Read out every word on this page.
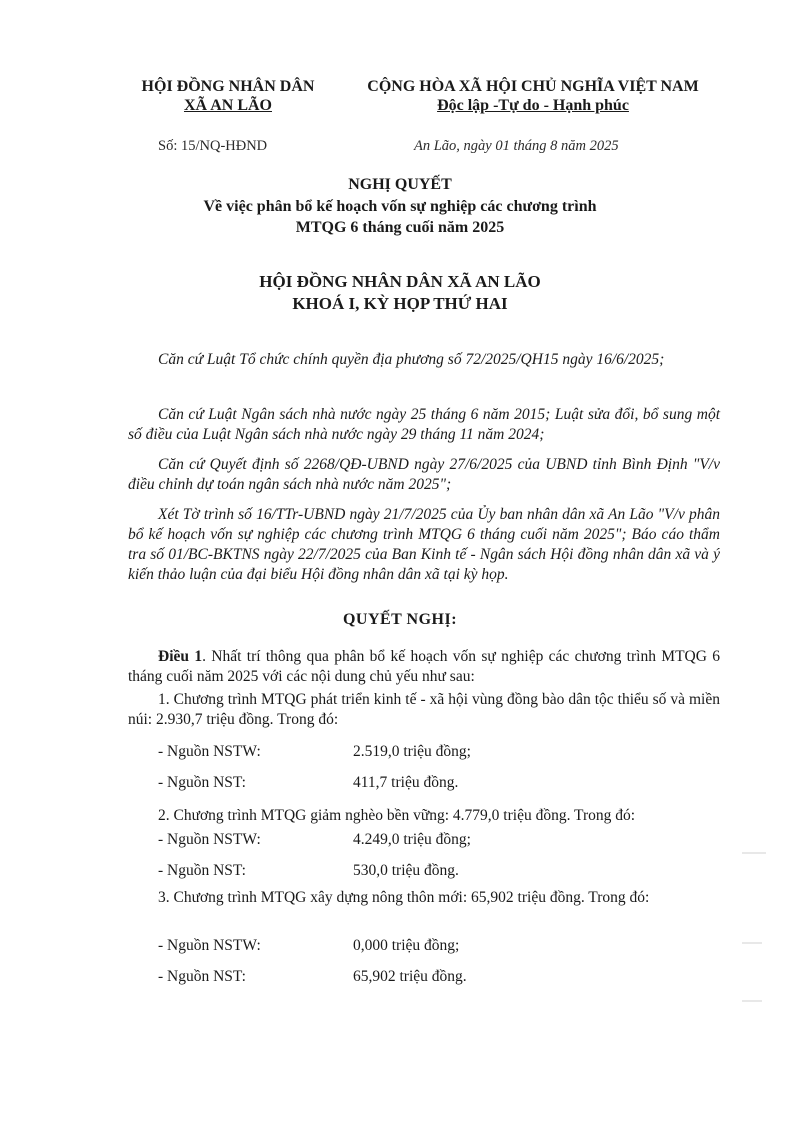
HỘI ĐỒNG NHÂN DÂN
XÃ AN LÃO
CỘNG HÒA XÃ HỘI CHỦ NGHĨA VIỆT NAM
Độc lập -Tự do - Hạnh phúc
Số: 15/NQ-HĐND	An Lão, ngày 01 tháng 8 năm 2025
NGHỊ QUYẾT
Về việc phân bổ kế hoạch vốn sự nghiệp các chương trình
MTQG 6 tháng cuối năm 2025
HỘI ĐỒNG NHÂN DÂN XÃ AN LÃO
KHOÁ I, KỲ HỌP THỨ HAI
Căn cứ Luật Tổ chức chính quyền địa phương số 72/2025/QH15 ngày 16/6/2025;
Căn cứ Luật Ngân sách nhà nước ngày 25 tháng 6 năm 2015; Luật sửa đổi, bổ sung một số điều của Luật Ngân sách nhà nước ngày 29 tháng 11 năm 2024;
Căn cứ Quyết định số 2268/QĐ-UBND ngày 27/6/2025 của UBND tỉnh Bình Định "V/v điều chỉnh dự toán ngân sách nhà nước năm 2025";
Xét Tờ trình số 16/TTr-UBND ngày 21/7/2025 của Ủy ban nhân dân xã An Lão "V/v phân bổ kế hoạch vốn sự nghiệp các chương trình MTQG 6 tháng cuối năm 2025"; Báo cáo thẩm tra số 01/BC-BKTNS ngày 22/7/2025 của Ban Kinh tế - Ngân sách Hội đồng nhân dân xã và ý kiến thảo luận của đại biểu Hội đồng nhân dân xã tại kỳ họp.
QUYẾT NGHỊ:
Điều 1. Nhất trí thông qua phân bổ kế hoạch vốn sự nghiệp các chương trình MTQG 6 tháng cuối năm 2025 với các nội dung chủ yếu như sau:
1. Chương trình MTQG phát triển kinh tế - xã hội vùng đồng bào dân tộc thiểu số và miền núi: 2.930,7 triệu đồng. Trong đó:
- Nguồn NSTW:	2.519,0 triệu đồng;
- Nguồn NST:	411,7 triệu đồng.
2. Chương trình MTQG giảm nghèo bền vững: 4.779,0 triệu đồng. Trong đó:
- Nguồn NSTW:	4.249,0 triệu đồng;
- Nguồn NST:	530,0 triệu đồng.
3. Chương trình MTQG xây dựng nông thôn mới: 65,902 triệu đồng. Trong đó:
- Nguồn NSTW:	0,000 triệu đồng;
- Nguồn NST:	65,902 triệu đồng.
